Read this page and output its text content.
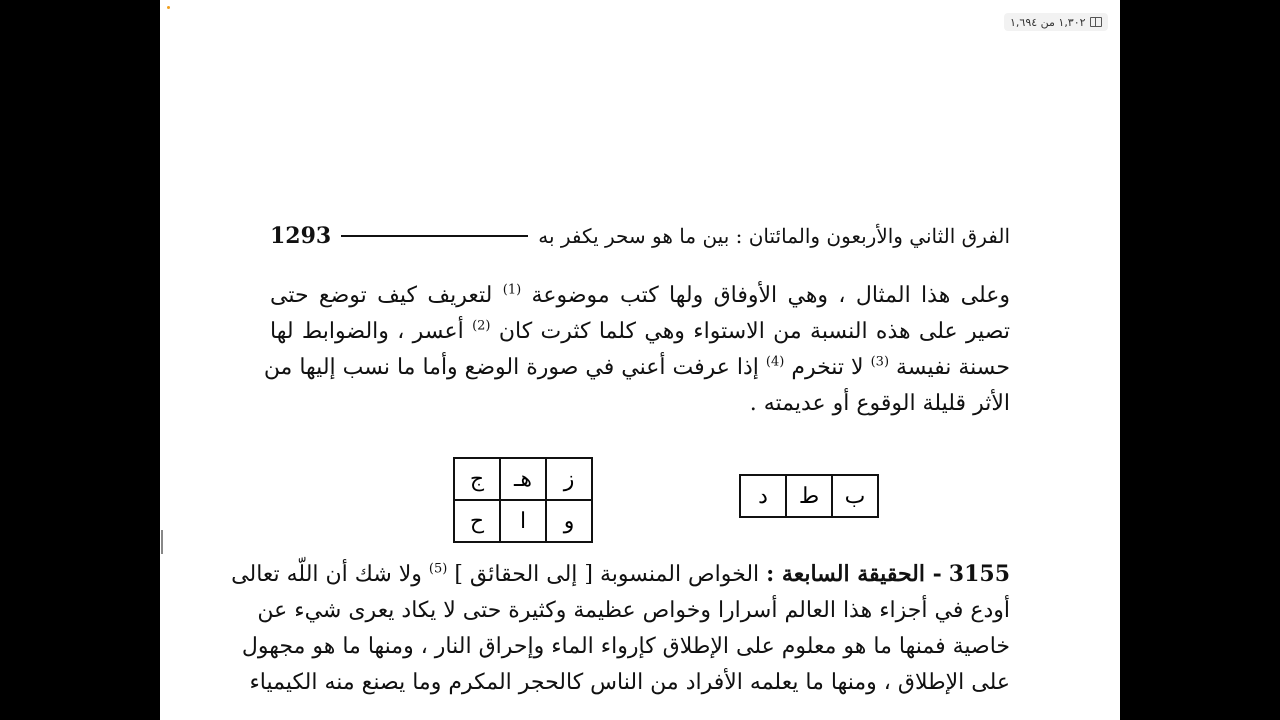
١,٣٠٢ من ١,٦٩٤
الفرق الثاني والأربعون والمائتان : بين ما هو سحر يكفر به
1293
وعلى هذا المثال ، وهي الأوفاق ولها كتب موضوعة $^{(1)}$ لتعريف كيف توضع حتى
تصير على هذه النسبة من الاستواء وهي كلما كثرت كان $^{(2)}$ أعسر ، والضوابط لها
حسنة نفيسة $^{(3)}$ لا تنخرم $^{(4)}$ إذا عرفت أعني في صورة الوضع وأما ما نسب إليها من
الأثر قليلة الوقوع أو عديمته .
د	ط	ب
ج	هـ	ز
ح	ا	و
3155 - الحقيقة السابعة : الخواص المنسوبة [ إلى الحقائق ] $^{(5)}$ ولا شك أن اللّه تعالى
أودع في أجزاء هذا العالم أسرارا وخواص عظيمة وكثيرة حتى لا يكاد يعرى شيء عن
خاصية فمنها ما هو معلوم على الإطلاق كإرواء الماء وإحراق النار ، ومنها ما هو مجهول
على الإطلاق ، ومنها ما يعلمه الأفراد من الناس كالحجر المكرم وما يصنع منه الكيمياء
